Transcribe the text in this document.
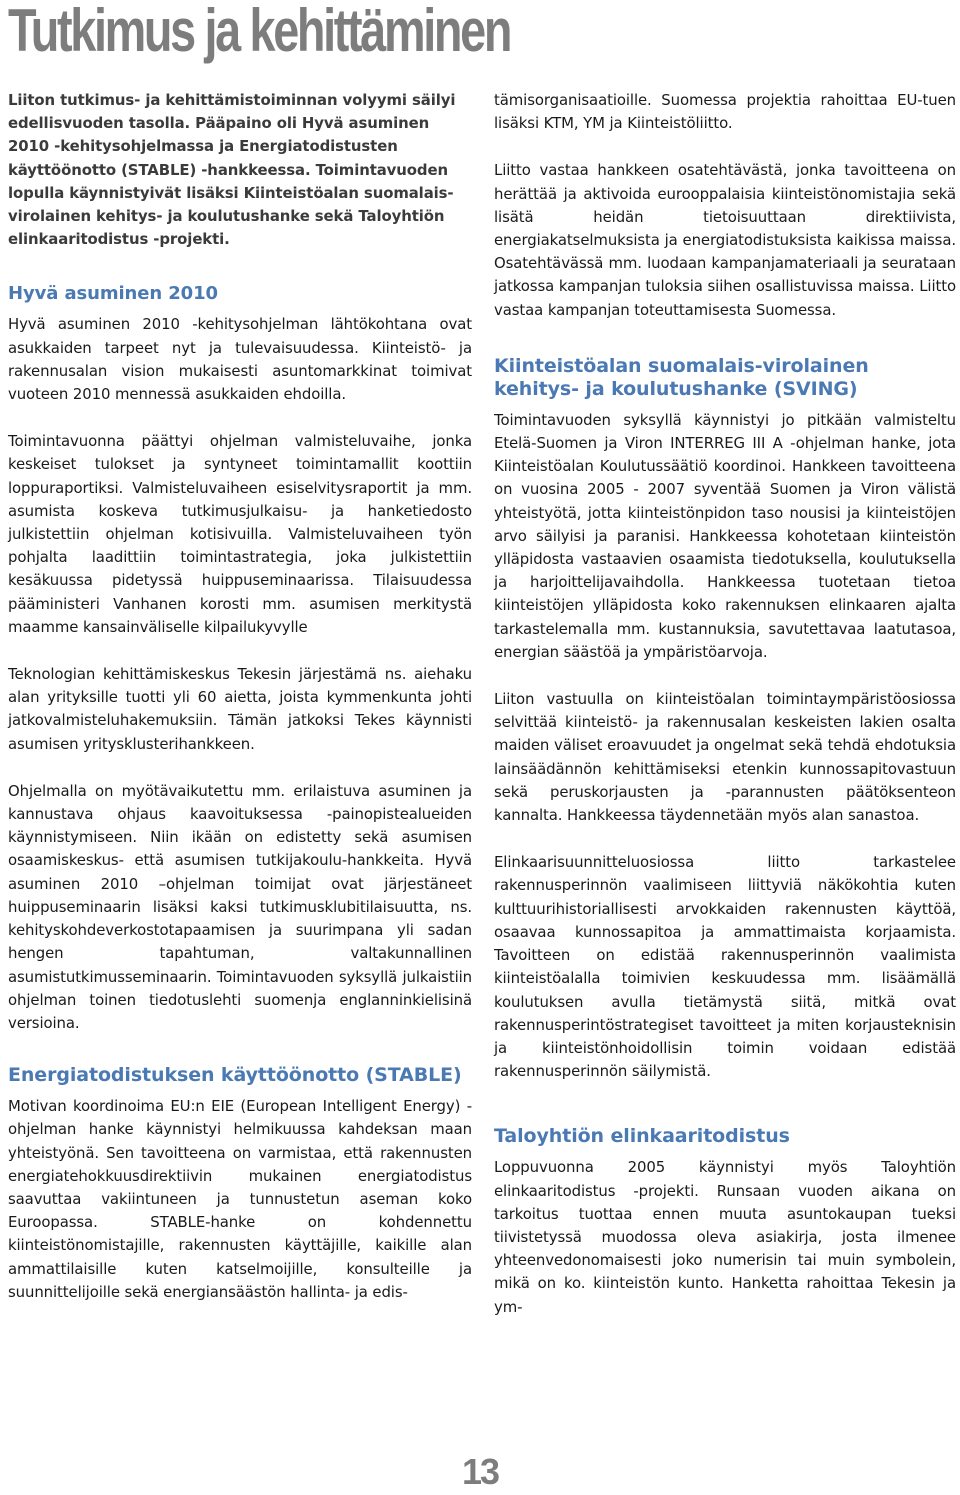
Tutkimus ja kehittäminen

Liiton tutkimus- ja kehittämistoiminnan volyymi säilyi edellisvuoden tasolla. Pääpaino oli Hyvä asuminen 2010 -kehitysohjelmassa ja Energiatodistusten käyttöönotto (STABLE) -hankkeessa. Toimintavuoden lopulla käynnistyivät lisäksi Kiinteistöalan suomalais-virolainen kehitys- ja koulutushanke sekä Taloyhtiön elinkaaritodistus -projekti.

Hyvä asuminen 2010

Hyvä asuminen 2010 -kehitysohjelman lähtökohtana ovat asukkaiden tarpeet nyt ja tulevaisuudessa. Kiinteistö- ja rakennusalan vision mukaisesti asuntomarkkinat toimivat vuoteen 2010 mennessä asukkaiden ehdoilla.

Toimintavuonna päättyi ohjelman valmisteluvaihe, jonka keskeiset tulokset ja syntyneet toimintamallit koottiin loppuraportiksi. Valmisteluvaiheen esiselvitysraportit ja mm. asumista koskeva tutkimusjulkaisu- ja hanketiedosto julkistettiin ohjelman kotisivuilla. Valmisteluvaiheen työn pohjalta laadittiin toimintastrategia, joka julkistettiin kesäkuussa pidetyssä huippuseminaarissa. Tilaisuudessa pääministeri Vanhanen korosti mm. asumisen merkitystä maamme kansainväliselle kilpailukyvylle

Teknologian kehittämiskeskus Tekesin järjestämä ns. aiehaku alan yrityksille tuotti yli 60 aietta, joista kymmenkunta johti jatkovalmisteluhakemuksiin. Tämän jatkoksi Tekes käynnisti asumisen yritysklusterihankkeen.

Ohjelmalla on myötävaikutettu mm. erilaistuva asuminen ja kannustava ohjaus kaavoituksessa -painopistealueiden käynnistymiseen. Niin ikään on edistetty sekä asumisen osaamiskeskus- että asumisen tutkijakoulu-hankkeita. Hyvä asuminen 2010 –ohjelman toimijat ovat järjestäneet huippuseminaarin lisäksi kaksi tutkimusklubitilaisuutta, ns. kehityskohdeverkostotapaamisen ja suurimpana yli sadan hengen tapahtuman, valtakunnallinen asumistutkimusseminaarin. Toimintavuoden syksyllä julkaistiin ohjelman toinen tiedotuslehti suomenja englanninkielisinä versioina.

Energiatodistuksen käyttöönotto (STABLE)

Motivan koordinoima EU:n EIE (European Intelligent Energy) -ohjelman hanke käynnistyi helmikuussa kahdeksan maan yhteistyönä. Sen tavoitteena on varmistaa, että rakennusten energiatehokkuusdirektiivin mukainen energiatodistus saavuttaa vakiintuneen ja tunnustetun aseman koko Euroopassa. STABLE-hanke on kohdennettu kiinteistönomistajille, rakennusten käyttäjille, kaikille alan ammattilaisille kuten katselmoijille, konsulteille ja suunnittelijoille sekä energiansäästön hallinta- ja edis-

tämisorganisaatioille. Suomessa projektia rahoittaa EU-tuen lisäksi KTM, YM ja Kiinteistöliitto.

Liitto vastaa hankkeen osatehtävästä, jonka tavoitteena on herättää ja aktivoida eurooppalaisia kiinteistönomistajia sekä lisätä heidän tietoisuuttaan direktiivista, energiakatselmuksista ja energiatodistuksista kaikissa maissa. Osatehtävässä mm. luodaan kampanjamateriaali ja seurataan jatkossa kampanjan tuloksia siihen osallistuvissa maissa. Liitto vastaa kampanjan toteuttamisesta Suomessa.

Kiinteistöalan suomalais-virolainen kehitys- ja koulutushanke (SVING)

Toimintavuoden syksyllä käynnistyi jo pitkään valmisteltu Etelä-Suomen ja Viron INTERREG III A -ohjelman hanke, jota Kiinteistöalan Koulutussäätiö koordinoi. Hankkeen tavoitteena on vuosina 2005 - 2007 syventää Suomen ja Viron välistä yhteistyötä, jotta kiinteistönpidon taso nousisi ja kiinteistöjen arvo säilyisi ja paranisi. Hankkeessa kohotetaan kiinteistön ylläpidosta vastaavien osaamista tiedotuksella, koulutuksella ja harjoittelijavaihdolla. Hankkeessa tuotetaan tietoa kiinteistöjen ylläpidosta koko rakennuksen elinkaaren ajalta tarkastelemalla mm. kustannuksia, savutettavaa laatutasoa, energian säästöä ja ympäristöarvoja.

Liiton vastuulla on kiinteistöalan toimintaympäristöosiossa selvittää kiinteistö- ja rakennusalan keskeisten lakien osalta maiden väliset eroavuudet ja ongelmat sekä tehdä ehdotuksia lainsäädännön kehittämiseksi etenkin kunnossapitovastuun sekä peruskorjausten ja -parannusten päätöksenteon kannalta. Hankkeessa täydennetään myös alan sanastoa.

Elinkaarisuunnitteluosiossa liitto tarkastelee rakennusperinnön vaalimiseen liittyviä näkökohtia kuten kulttuurihistoriallisesti arvokkaiden rakennusten käyttöä, osaavaa kunnossapitoa ja ammattimaista korjaamista. Tavoitteen on edistää rakennusperinnön vaalimista kiinteistöalalla toimivien keskuudessa mm. lisäämällä koulutuksen avulla tietämystä siitä, mitkä ovat rakennusperintöstrategiset tavoitteet ja miten korjausteknisin ja kiinteistönhoidollisin toimin voidaan edistää rakennusperinnön säilymistä.

Taloyhtiön elinkaaritodistus

Loppuvuonna 2005 käynnistyi myös Taloyhtiön elinkaaritodistus -projekti. Runsaan vuoden aikana on tarkoitus tuottaa ennen muuta asuntokaupan tueksi tiivistetyssä muodossa oleva asiakirja, josta ilmenee yhteenvedonomaisesti joko numerisin tai muin symbolein, mikä on ko. kiinteistön kunto. Hanketta rahoittaa Tekesin ja ym-

13
